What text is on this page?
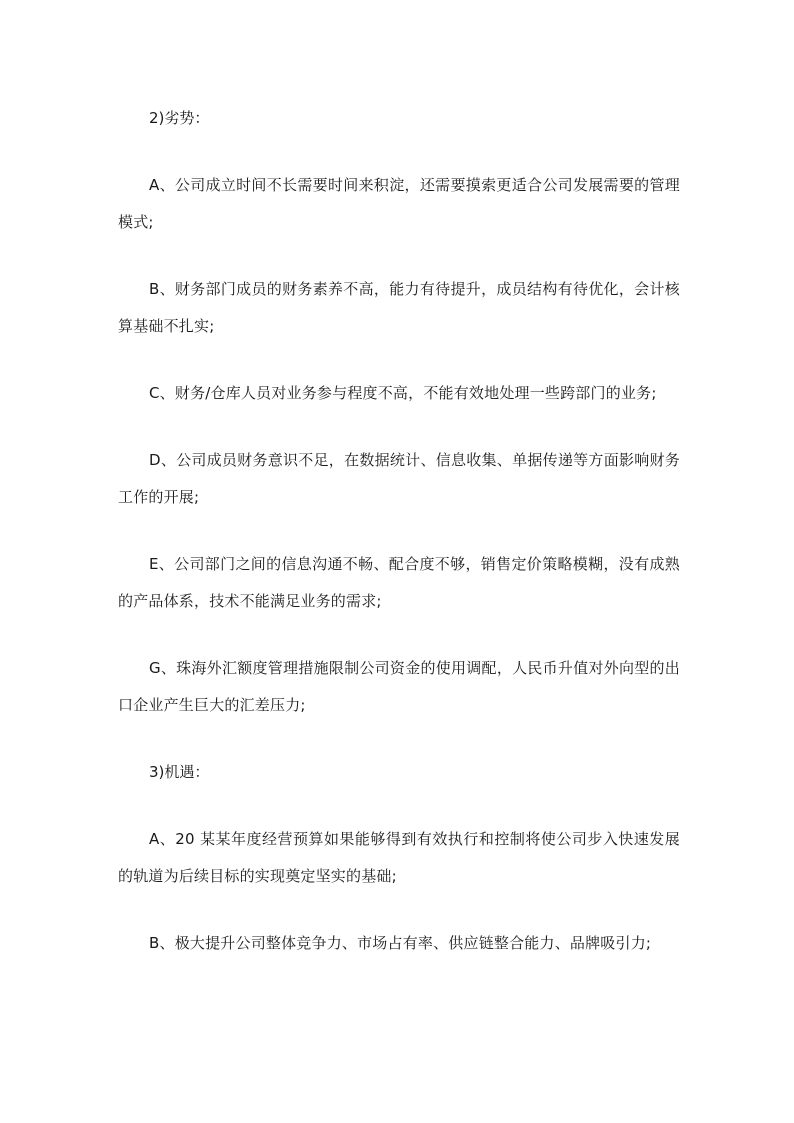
2)劣势：

A、公司成立时间不长需要时间来积淀，还需要摸索更适合公司发展需要的管理模式;

B、财务部门成员的财务素养不高，能力有待提升，成员结构有待优化，会计核算基础不扎实;

C、财务/仓库人员对业务参与程度不高，不能有效地处理一些跨部门的业务;

D、公司成员财务意识不足，在数据统计、信息收集、单据传递等方面影响财务工作的开展;

E、公司部门之间的信息沟通不畅、配合度不够，销售定价策略模糊，没有成熟的产品体系，技术不能满足业务的需求;

G、珠海外汇额度管理措施限制公司资金的使用调配，人民币升值对外向型的出口企业产生巨大的汇差压力;

3)机遇：

A、20 某某年度经营预算如果能够得到有效执行和控制将使公司步入快速发展的轨道为后续目标的实现奠定坚实的基础;

B、极大提升公司整体竞争力、市场占有率、供应链整合能力、品牌吸引力;
